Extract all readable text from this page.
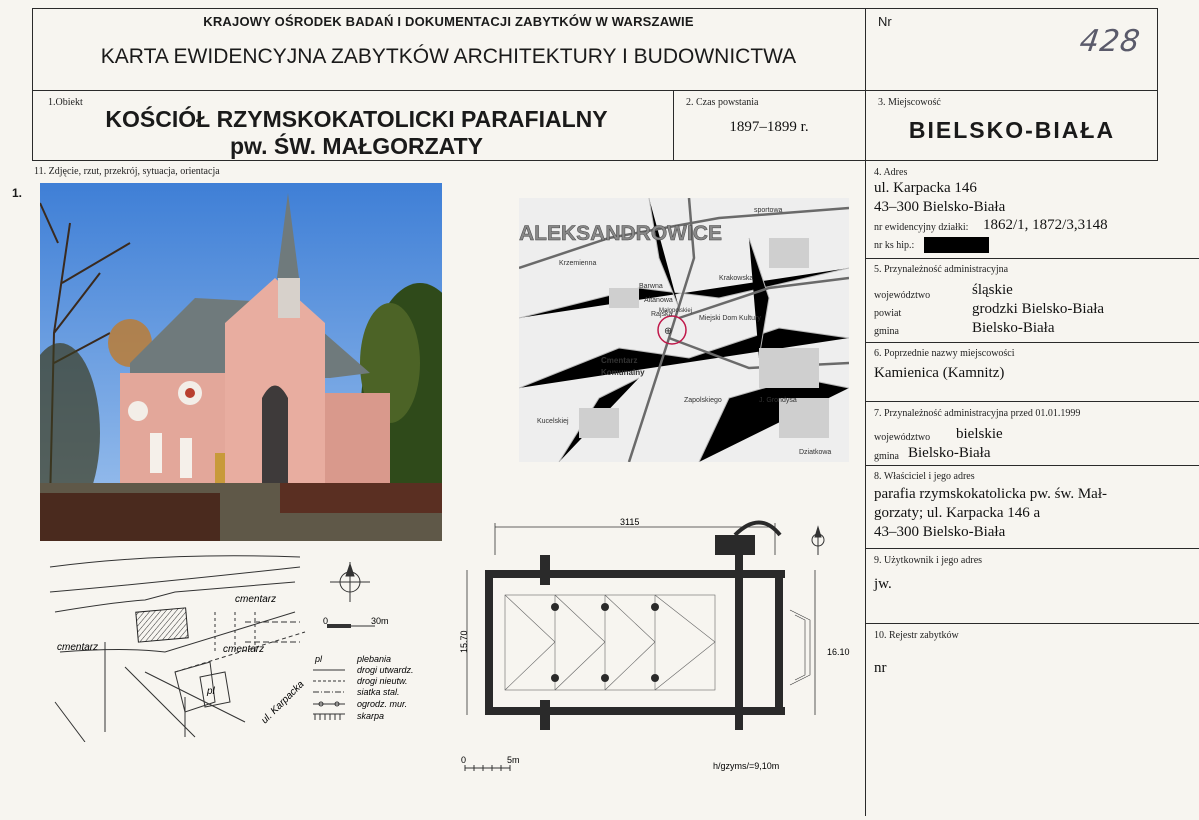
KRAJOWY OŚRODEK BADAŃ I DOKUMENTACJI ZABYTKÓW W WARSZAWIE
KARTA EWIDENCYJNA ZABYTKÓW ARCHITEKTURY I BUDOWNICTWA
Nr
428
1.Obiekt
KOŚCIÓŁ RZYMSKOKATOLICKI PARAFIALNY
pw. ŚW. MAŁGORZATY
2. Czas powstania
1897–1899 r.
3. Miejscowość
BIELSKO-BIAŁA
11. Zdjęcie, rzut, przekrój, sytuacja, orientacja
1.
ALEKSANDROWICE
⊕
Krzemienna
Barwna
Altanowa
Rajska
Małopolskiej
Miejski Dom Kultury
sportowa
Cmentarz
Komunalny
Kucelskiej
Zapolskiego	J. Grondysa
Dziatkowa
Krakowska
0	30m
cmentarz
cmentarz	cmentarz
pl	ul. Karpacka
pl	plebania
drogi utwardz.
drogi nieutw.
siatka stal.
ogrodz. mur.
skarpa
3115
15.70	16.10
0	5m
h/gzyms/=9,10m
4. Adres
ul. Karpacka 146
43–300 Bielsko-Biała
nr ewidencyjny działki: 1862/1, 1872/3,3148
nr ks hip.:
5. Przynależność administracyjna
województwo	śląskie
powiat	grodzki Bielsko-Biała
gmina	Bielsko-Biała
6. Poprzednie nazwy miejscowości
Kamienica (Kamnitz)
7. Przynależność administracyjna przed 01.01.1999
województwo bielskie
gmina Bielsko-Biała
8. Właściciel i jego adres
parafia rzymskokatolicka pw. św. Mał-
gorzaty; ul. Karpacka 146 a
43–300 Bielsko-Biała
9. Użytkownik i jego adres
jw.
10. Rejestr zabytków
nr
